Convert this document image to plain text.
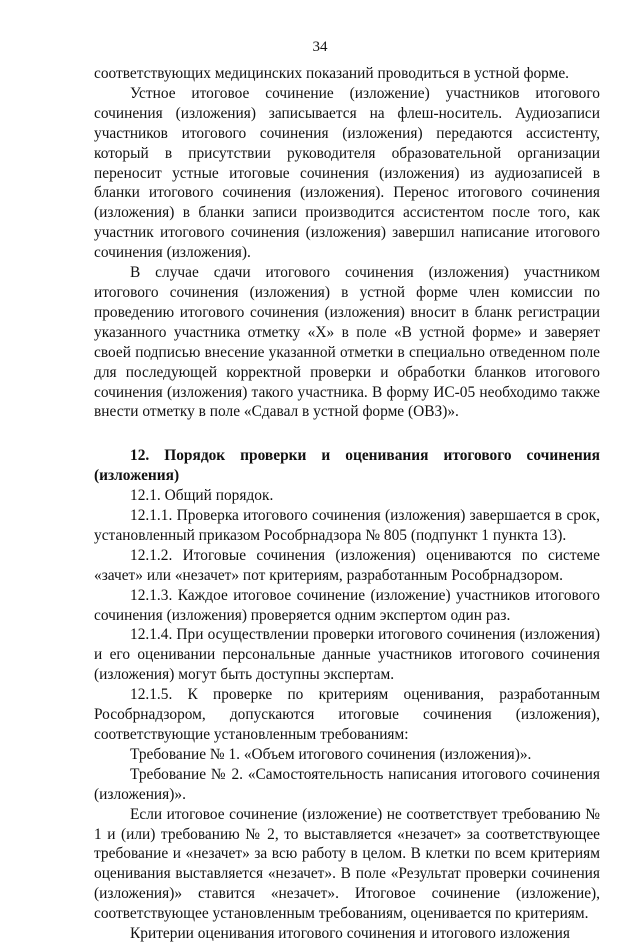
34

соответствующих медицинских показаний проводиться в устной форме.

Устное итоговое сочинение (изложение) участников итогового сочинения (изложения) записывается на флеш-носитель. Аудиозаписи участников итогового сочинения (изложения) передаются ассистенту, который в присутствии руководителя образовательной организации переносит устные итоговые сочинения (изложения) из аудиозаписей в бланки итогового сочинения (изложения). Перенос итогового сочинения (изложения) в бланки записи производится ассистентом после того, как участник итогового сочинения (изложения) завершил написание итогового сочинения (изложения).

В случае сдачи итогового сочинения (изложения) участником итогового сочинения (изложения) в устной форме член комиссии по проведению итогового сочинения (изложения) вносит в бланк регистрации указанного участника отметку «Х» в поле «В устной форме» и заверяет своей подписью внесение указанной отметки в специально отведенном поле для последующей корректной проверки и обработки бланков итогового сочинения (изложения) такого участника. В форму ИС-05 необходимо также внести отметку в поле «Сдавал в устной форме (ОВЗ)».

12. Порядок проверки и оценивания итогового сочинения (изложения)

12.1. Общий порядок.

12.1.1. Проверка итогового сочинения (изложения) завершается в срок, установленный приказом Рособрнадзора № 805 (подпункт 1 пункта 13).

12.1.2. Итоговые сочинения (изложения) оцениваются по системе «зачет» или «незачет» пот критериям, разработанным Рособрнадзором.

12.1.3. Каждое итоговое сочинение (изложение) участников итогового сочинения (изложения) проверяется одним экспертом один раз.

12.1.4. При осуществлении проверки итогового сочинения (изложения) и его оценивании персональные данные участников итогового сочинения (изложения) могут быть доступны экспертам.

12.1.5. К проверке по критериям оценивания, разработанным Рособрнадзором, допускаются итоговые сочинения (изложения), соответствующие установленным требованиям:

Требование № 1. «Объем итогового сочинения (изложения)».

Требование № 2. «Самостоятельность написания итогового сочинения (изложения)».

Если итоговое сочинение (изложение) не соответствует требованию № 1 и (или) требованию № 2, то выставляется «незачет» за соответствующее требование и «незачет» за всю работу в целом. В клетки по всем критериям оценивания выставляется «незачет». В поле «Результат проверки сочинения (изложения)» ставится «незачет». Итоговое сочинение (изложение), соответствующее установленным требованиям, оценивается по критериям.

Критерии оценивания итогового сочинения и итогового изложения
